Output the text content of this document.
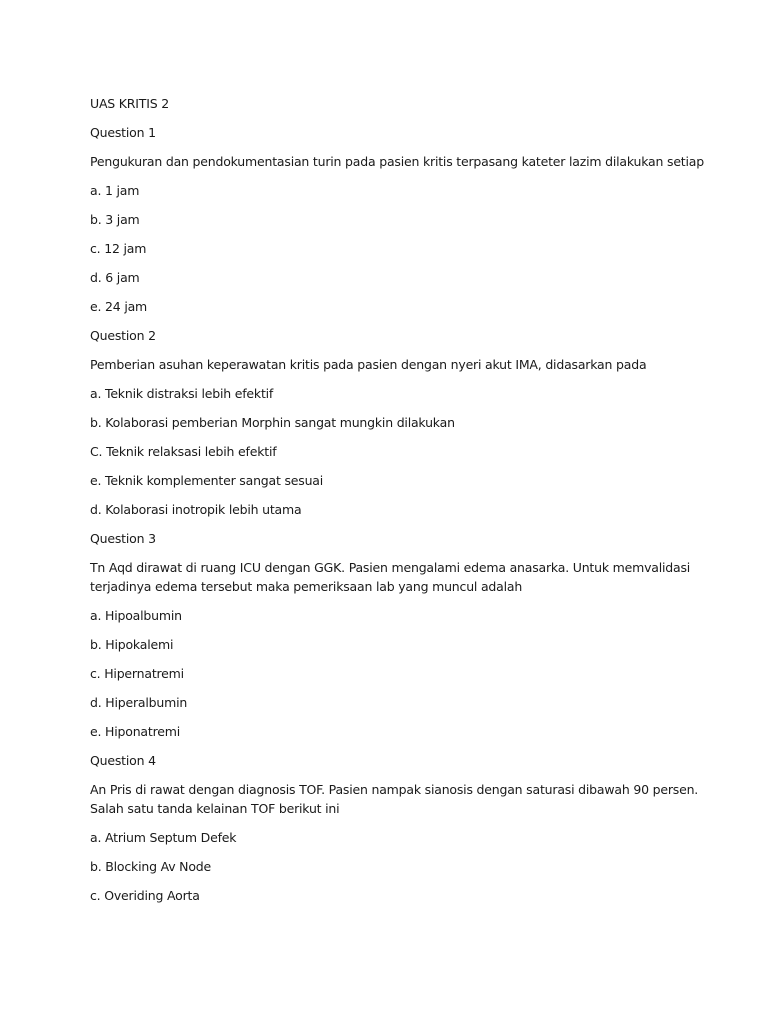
UAS KRITIS 2
Question 1
Pengukuran dan pendokumentasian turin pada pasien kritis terpasang kateter lazim dilakukan setiap
a. 1 jam
b. 3 jam
c. 12 jam
d. 6 jam
e. 24 jam
Question 2
Pemberian asuhan keperawatan kritis pada pasien dengan nyeri akut IMA, didasarkan pada
a. Teknik distraksi lebih efektif
b. Kolaborasi pemberian Morphin sangat mungkin dilakukan
C. Teknik relaksasi lebih efektif
e. Teknik komplementer sangat sesuai
d. Kolaborasi inotropik lebih utama
Question 3
Tn Aqd dirawat di ruang ICU dengan GGK. Pasien mengalami edema anasarka. Untuk memvalidasi
terjadinya edema tersebut maka pemeriksaan lab yang muncul adalah
a. Hipoalbumin
b. Hipokalemi
c. Hipernatremi
d. Hiperalbumin
e. Hiponatremi
Question 4
An Pris di rawat dengan diagnosis TOF. Pasien nampak sianosis dengan saturasi dibawah 90 persen.
Salah satu tanda kelainan TOF berikut ini
a. Atrium Septum Defek
b. Blocking Av Node
c. Overiding Aorta
